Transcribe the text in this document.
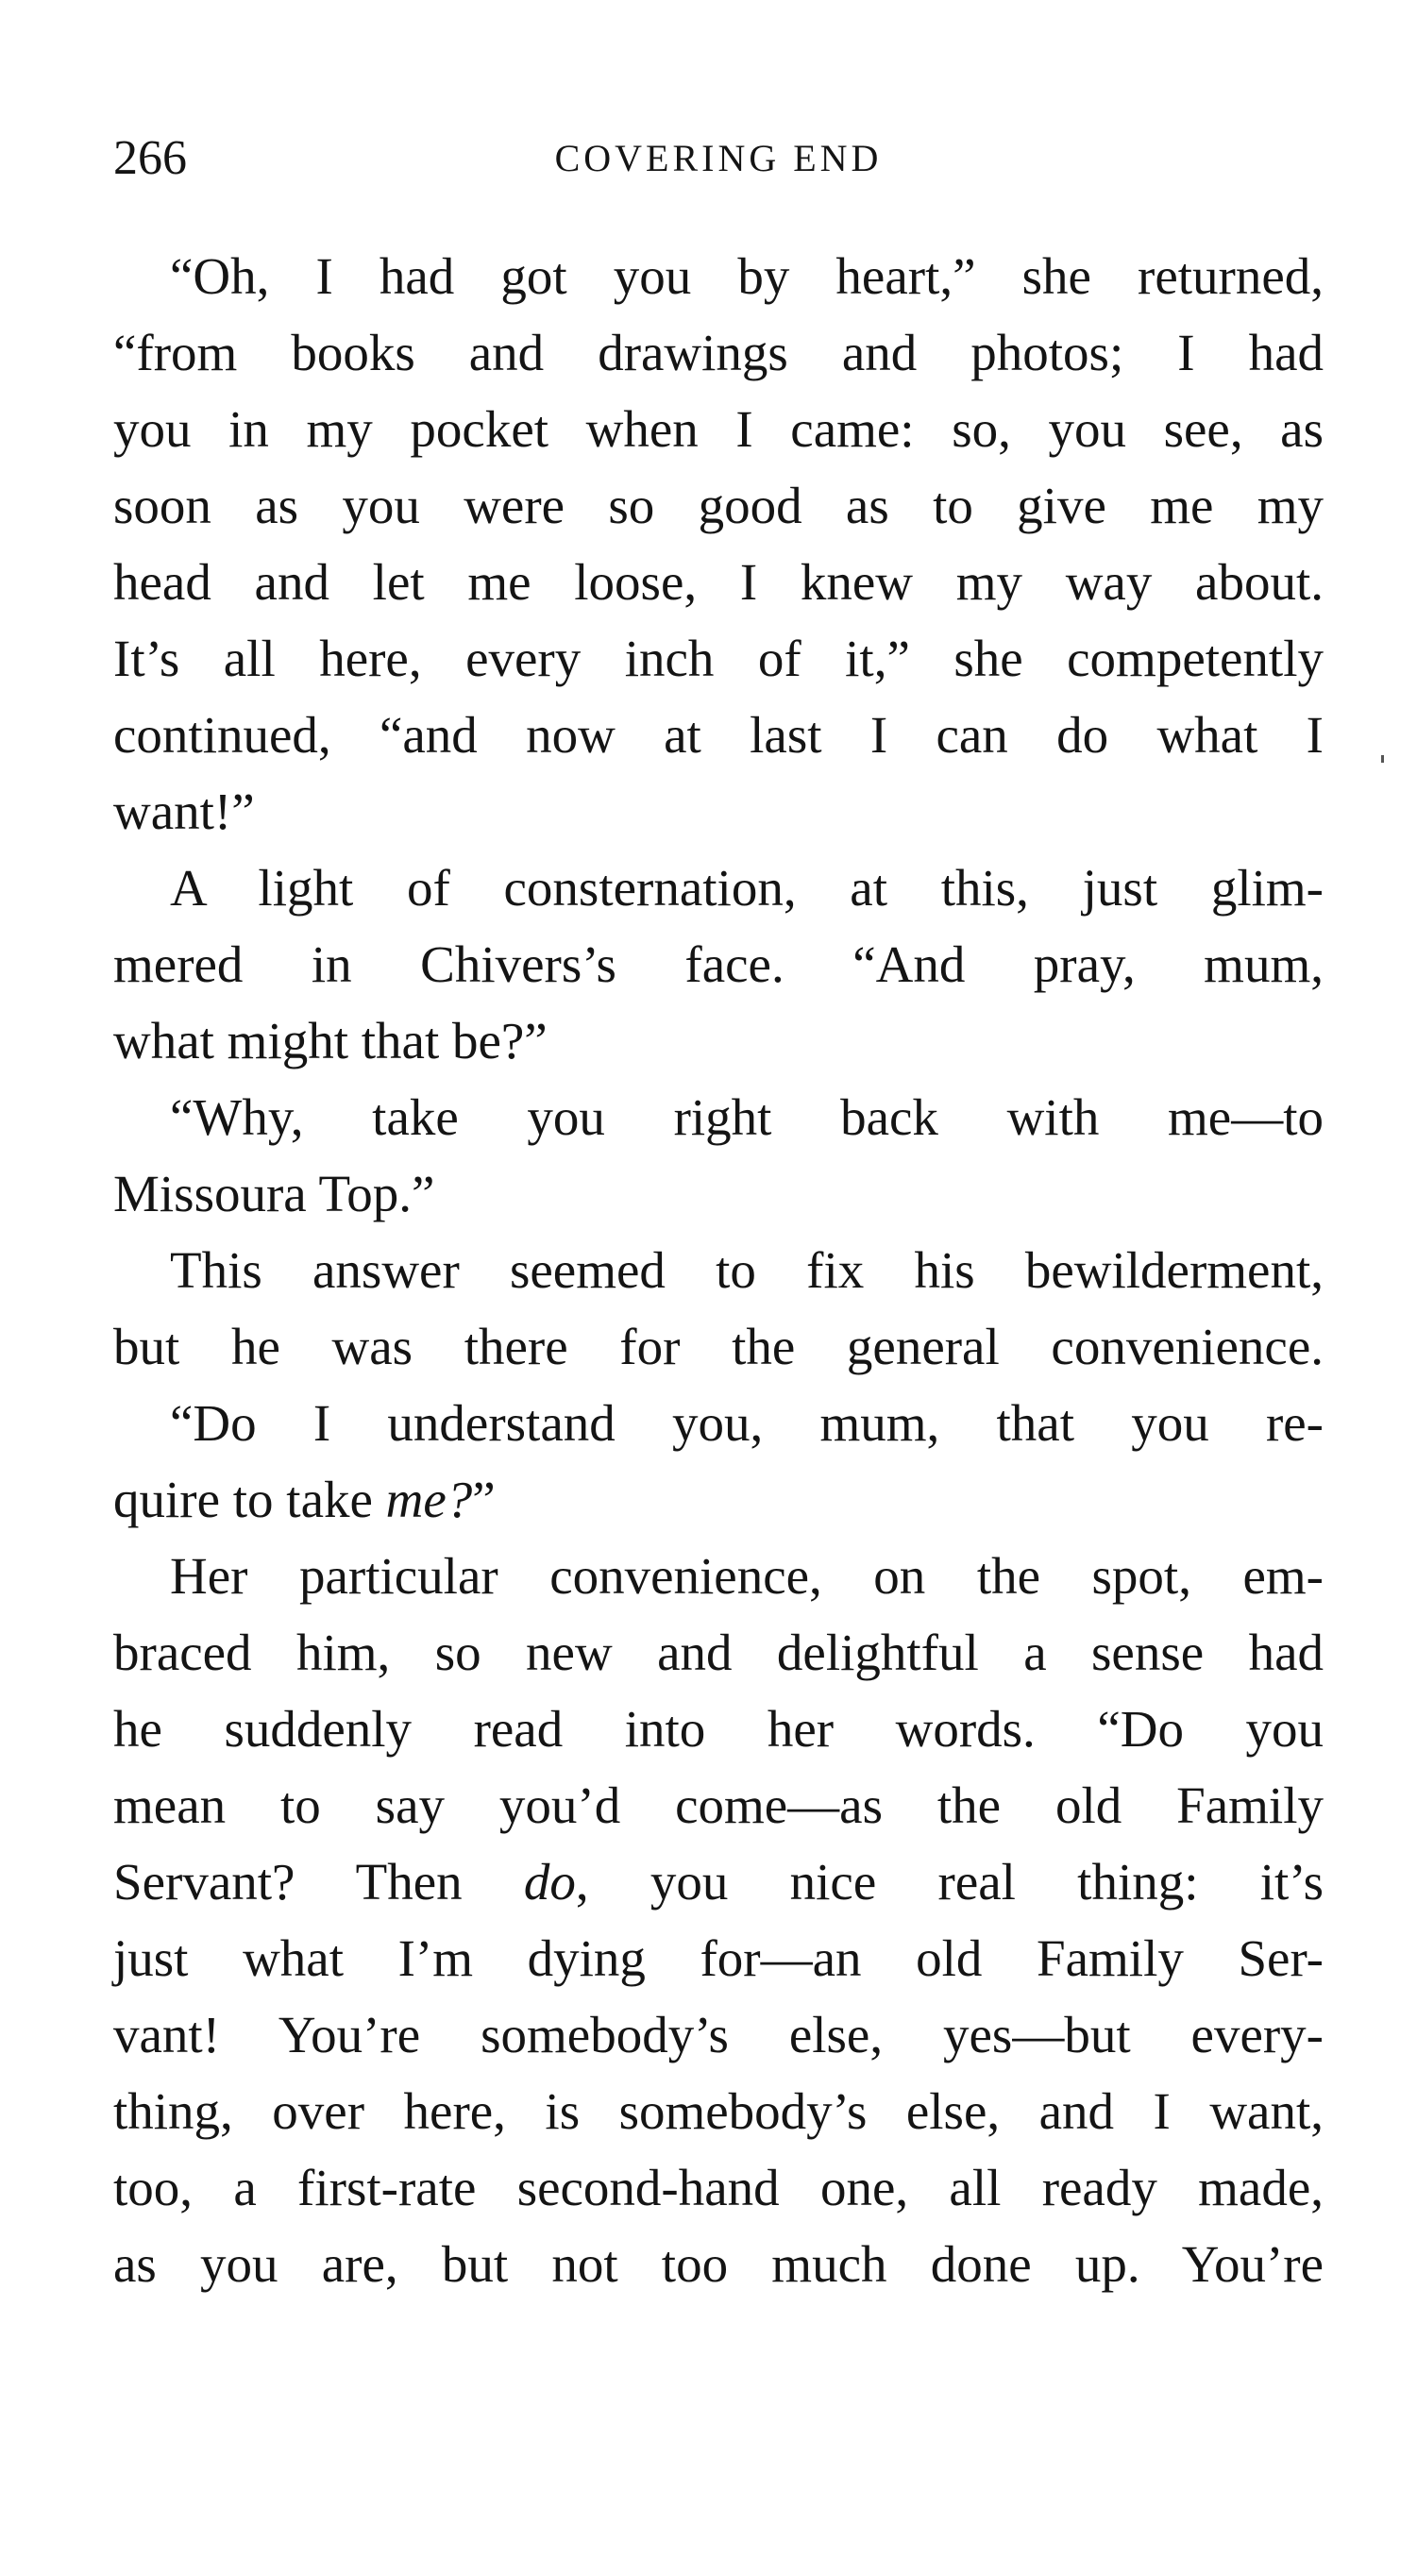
266	COVERING END
“Oh, I had got you by heart,” she returned,
“from books and drawings and photos; I had
you in my pocket when I came: so, you see, as
soon as you were so good as to give me my
head and let me loose, I knew my way about.
It’s all here, every inch of it,” she competently
continued, “and now at last I can do what I
want!”
A light of consternation, at this, just glim-
mered in Chivers’s face. “And pray, mum,
what might that be?”
“Why, take you right back with me—to
Missoura Top.”
This answer seemed to fix his bewilderment,
but he was there for the general convenience.
“Do I understand you, mum, that you re-
quire to take me?”
Her particular convenience, on the spot, em-
braced him, so new and delightful a sense had
he suddenly read into her words. “Do you
mean to say you’d come—as the old Family
Servant? Then do, you nice real thing: it’s
just what I’m dying for—an old Family Ser-
vant! You’re somebody’s else, yes—but every-
thing, over here, is somebody’s else, and I want,
too, a first-rate second-hand one, all ready made,
as you are, but not too much done up. You’re
